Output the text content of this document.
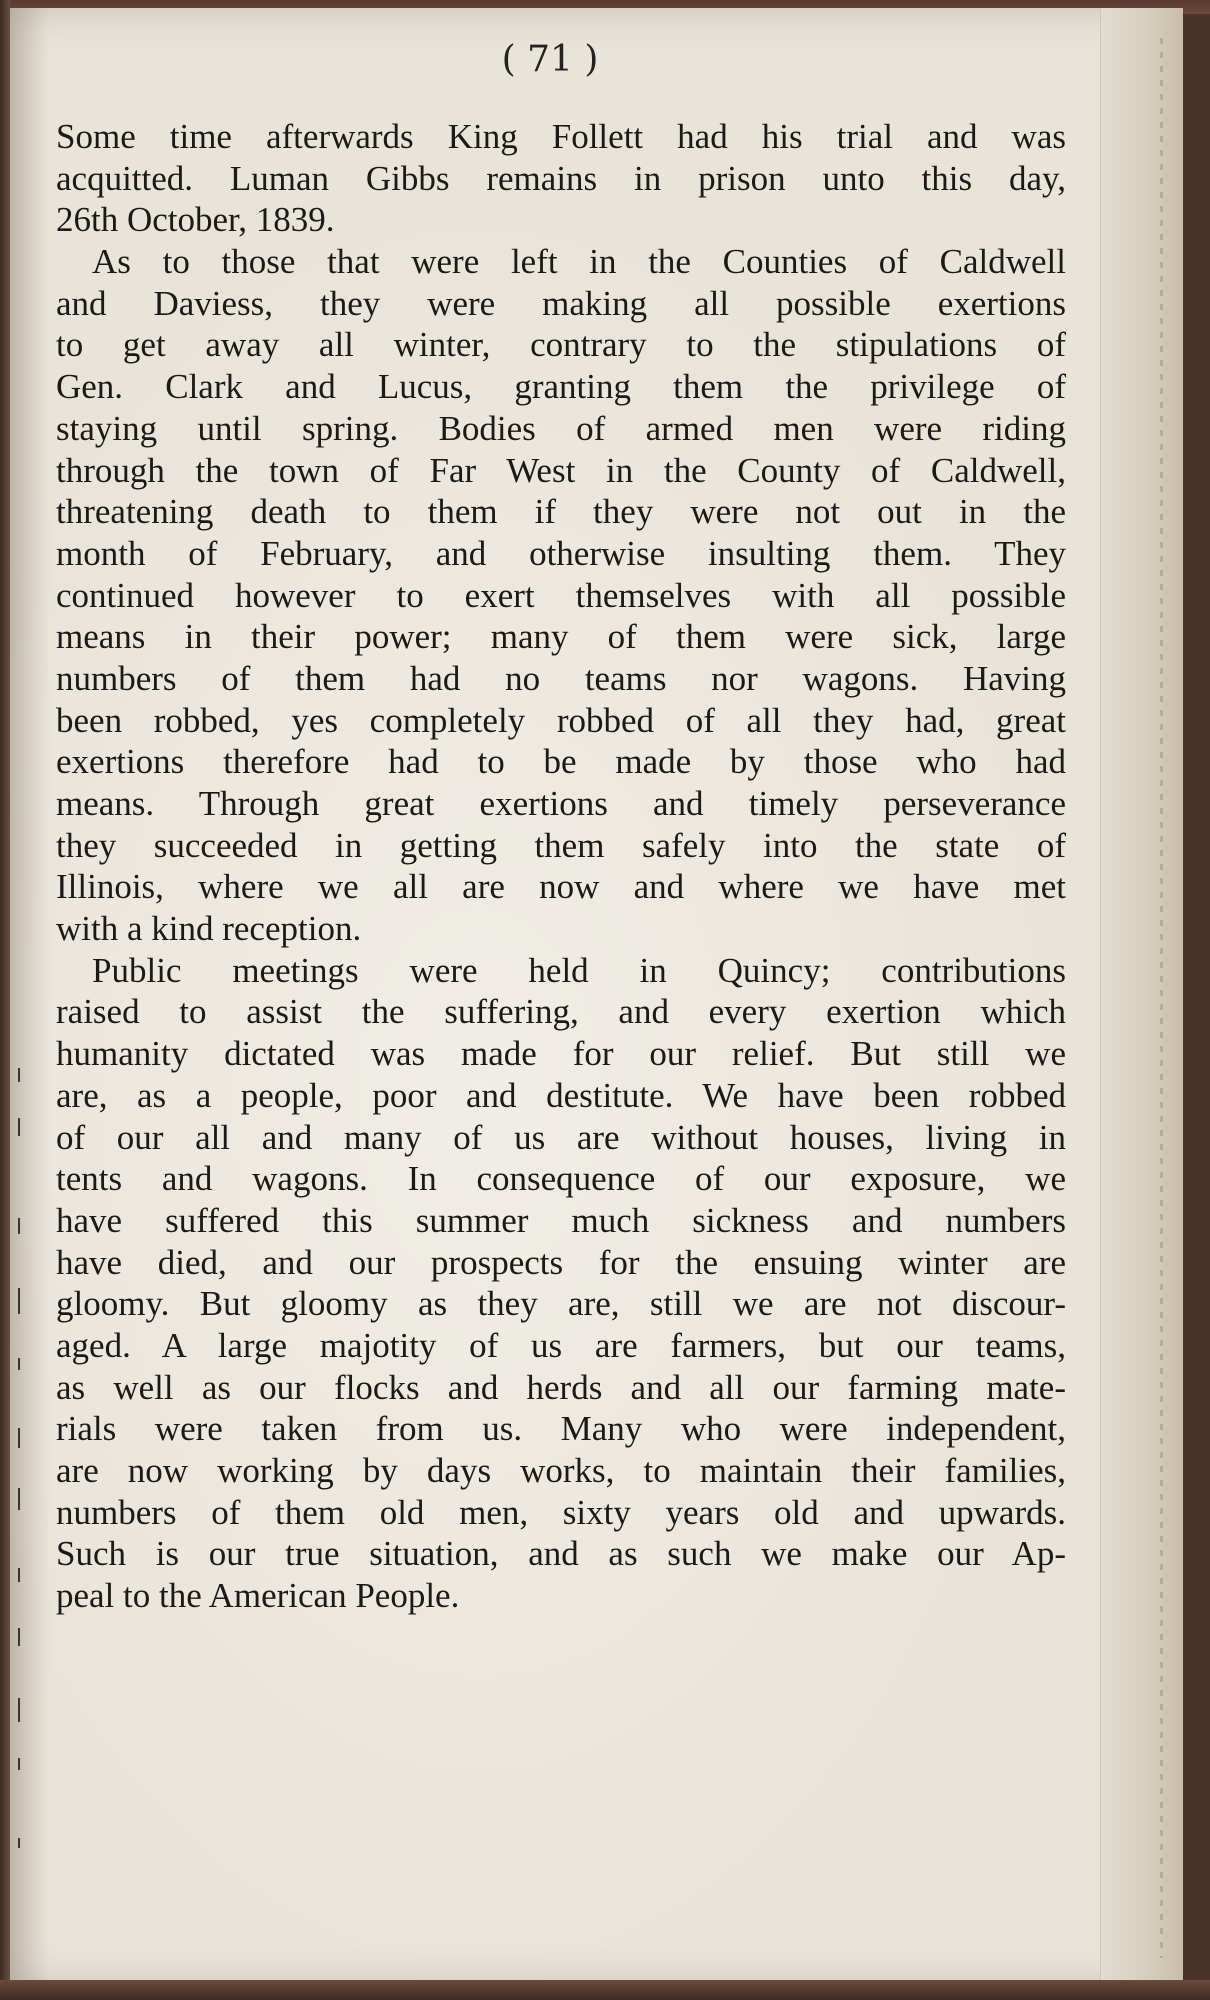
( 71 )
Some time afterwards King Follett had his trial and was
acquitted. Luman Gibbs remains in prison unto this day,
26th October, 1839.
As to those that were left in the Counties of Caldwell
and Daviess, they were making all possible exertions
to get away all winter, contrary to the stipulations of
Gen. Clark and Lucus, granting them the privilege of
staying until spring. Bodies of armed men were riding
through the town of Far West in the County of Caldwell,
threatening death to them if they were not out in the
month of February, and otherwise insulting them. They
continued however to exert themselves with all possible
means in their power; many of them were sick, large
numbers of them had no teams nor wagons. Having
been robbed, yes completely robbed of all they had, great
exertions therefore had to be made by those who had
means. Through great exertions and timely perseverance
they succeeded in getting them safely into the state of
Illinois, where we all are now and where we have met
with a kind reception.
Public meetings were held in Quincy; contributions
raised to assist the suffering, and every exertion which
humanity dictated was made for our relief. But still we
are, as a people, poor and destitute. We have been robbed
of our all and many of us are without houses, living in
tents and wagons. In consequence of our exposure, we
have suffered this summer much sickness and numbers
have died, and our prospects for the ensuing winter are
gloomy. But gloomy as they are, still we are not discour-
aged. A large majotity of us are farmers, but our teams,
as well as our flocks and herds and all our farming mate-
rials were taken from us. Many who were independent,
are now working by days works, to maintain their families,
numbers of them old men, sixty years old and upwards.
Such is our true situation, and as such we make our Ap-
peal to the American People.
